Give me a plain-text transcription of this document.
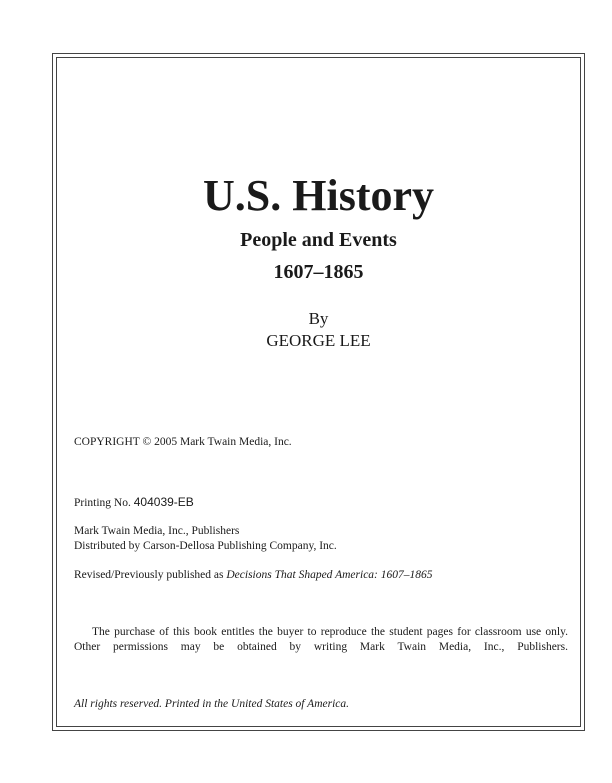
U.S. History
People and Events
1607–1865
By
GEORGE LEE
COPYRIGHT © 2005 Mark Twain Media, Inc.
Printing No. 404039-EB
Mark Twain Media, Inc., Publishers
Distributed by Carson-Dellosa Publishing Company, Inc.
Revised/Previously published as Decisions That Shaped America: 1607–1865

The purchase of this book entitles the buyer to reproduce the student pages for classroom use only. Other permissions may be obtained by writing Mark Twain Media, Inc., Publishers.

All rights reserved. Printed in the United States of America.
